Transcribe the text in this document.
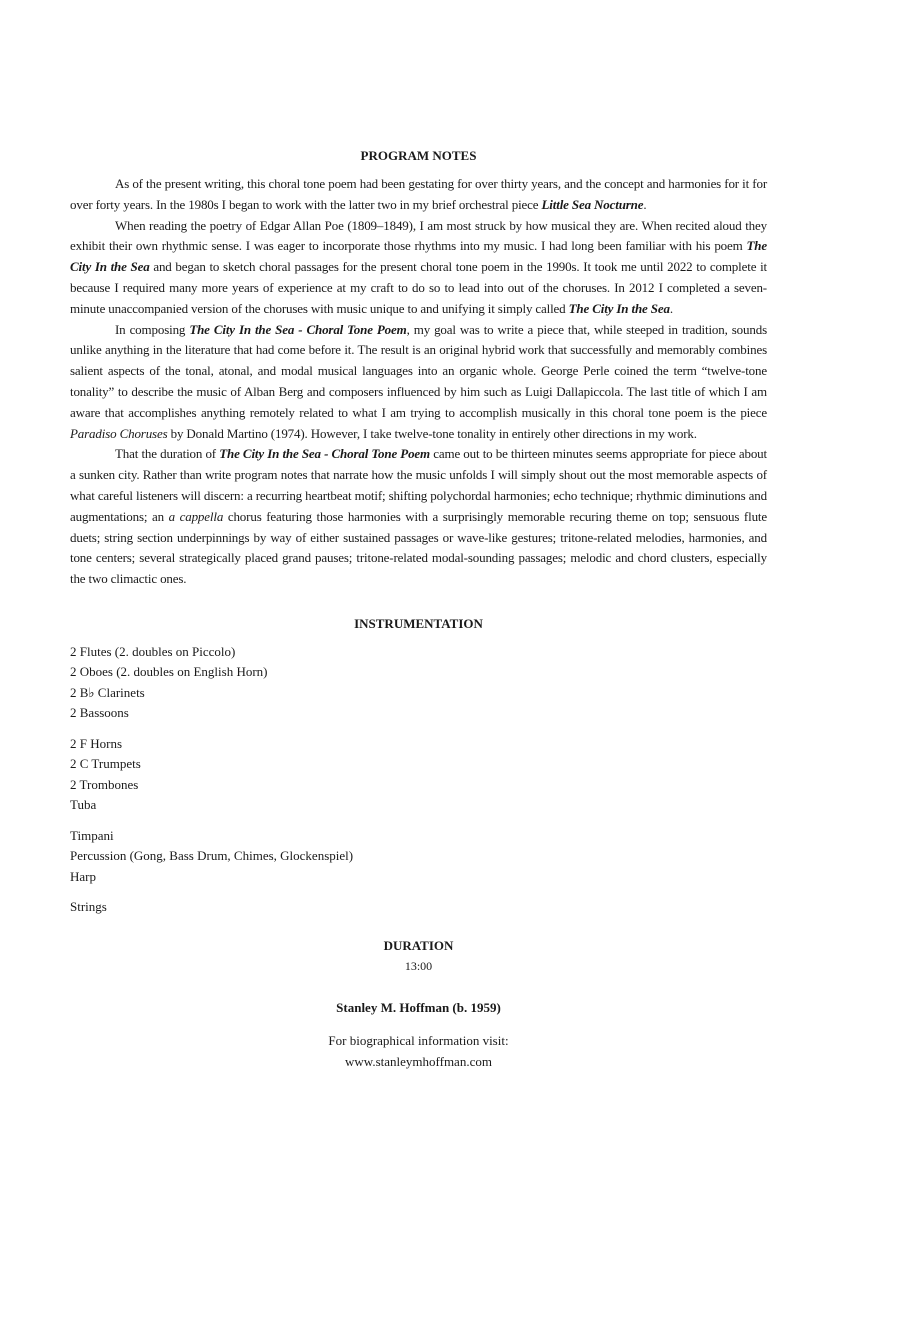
PROGRAM NOTES

As of the present writing, this choral tone poem had been gestating for over thirty years, and the concept and harmonies for it for over forty years. In the 1980s I began to work with the latter two in my brief orchestral piece Little Sea Nocturne.

When reading the poetry of Edgar Allan Poe (1809–1849), I am most struck by how musical they are. When recited aloud they exhibit their own rhythmic sense. I was eager to incorporate those rhythms into my music. I had long been familiar with his poem The City In the Sea and began to sketch choral passages for the present choral tone poem in the 1990s. It took me until 2022 to complete it because I required many more years of experience at my craft to do so to lead into out of the choruses. In 2012 I completed a seven-minute unaccompanied version of the choruses with music unique to and unifying it simply called The City In the Sea.

In composing The City In the Sea - Choral Tone Poem, my goal was to write a piece that, while steeped in tradition, sounds unlike anything in the literature that had come before it. The result is an original hybrid work that successfully and memorably combines salient aspects of the tonal, atonal, and modal musical languages into an organic whole. George Perle coined the term “twelve-tone tonality” to describe the music of Alban Berg and composers influenced by him such as Luigi Dallapiccola. The last title of which I am aware that accomplishes anything remotely related to what I am trying to accomplish musically in this choral tone poem is the piece Paradiso Choruses by Donald Martino (1974). However, I take twelve-tone tonality in entirely other directions in my work.

That the duration of The City In the Sea - Choral Tone Poem came out to be thirteen minutes seems appropriate for piece about a sunken city. Rather than write program notes that narrate how the music unfolds I will simply shout out the most memorable aspects of what careful listeners will discern: a recurring heartbeat motif; shifting polychordal harmonies; echo technique; rhythmic diminutions and augmentations; an a cappella chorus featuring those harmonies with a surprisingly memorable recuring theme on top; sensuous flute duets; string section underpinnings by way of either sustained passages or wave-like gestures; tritone-related melodies, harmonies, and tone centers; several strategically placed grand pauses; tritone-related modal-sounding passages; melodic and chord clusters, especially the two climactic ones.

INSTRUMENTATION
2 Flutes (2. doubles on Piccolo)
2 Oboes (2. doubles on English Horn)
2 B♭ Clarinets
2 Bassoons
2 F Horns
2 C Trumpets
2 Trombones
Tuba
Timpani
Percussion (Gong, Bass Drum, Chimes, Glockenspiel)
Harp
Strings
DURATION
13:00
Stanley M. Hoffman (b. 1959)
For biographical information visit:
www.stanleymhoffman.com
